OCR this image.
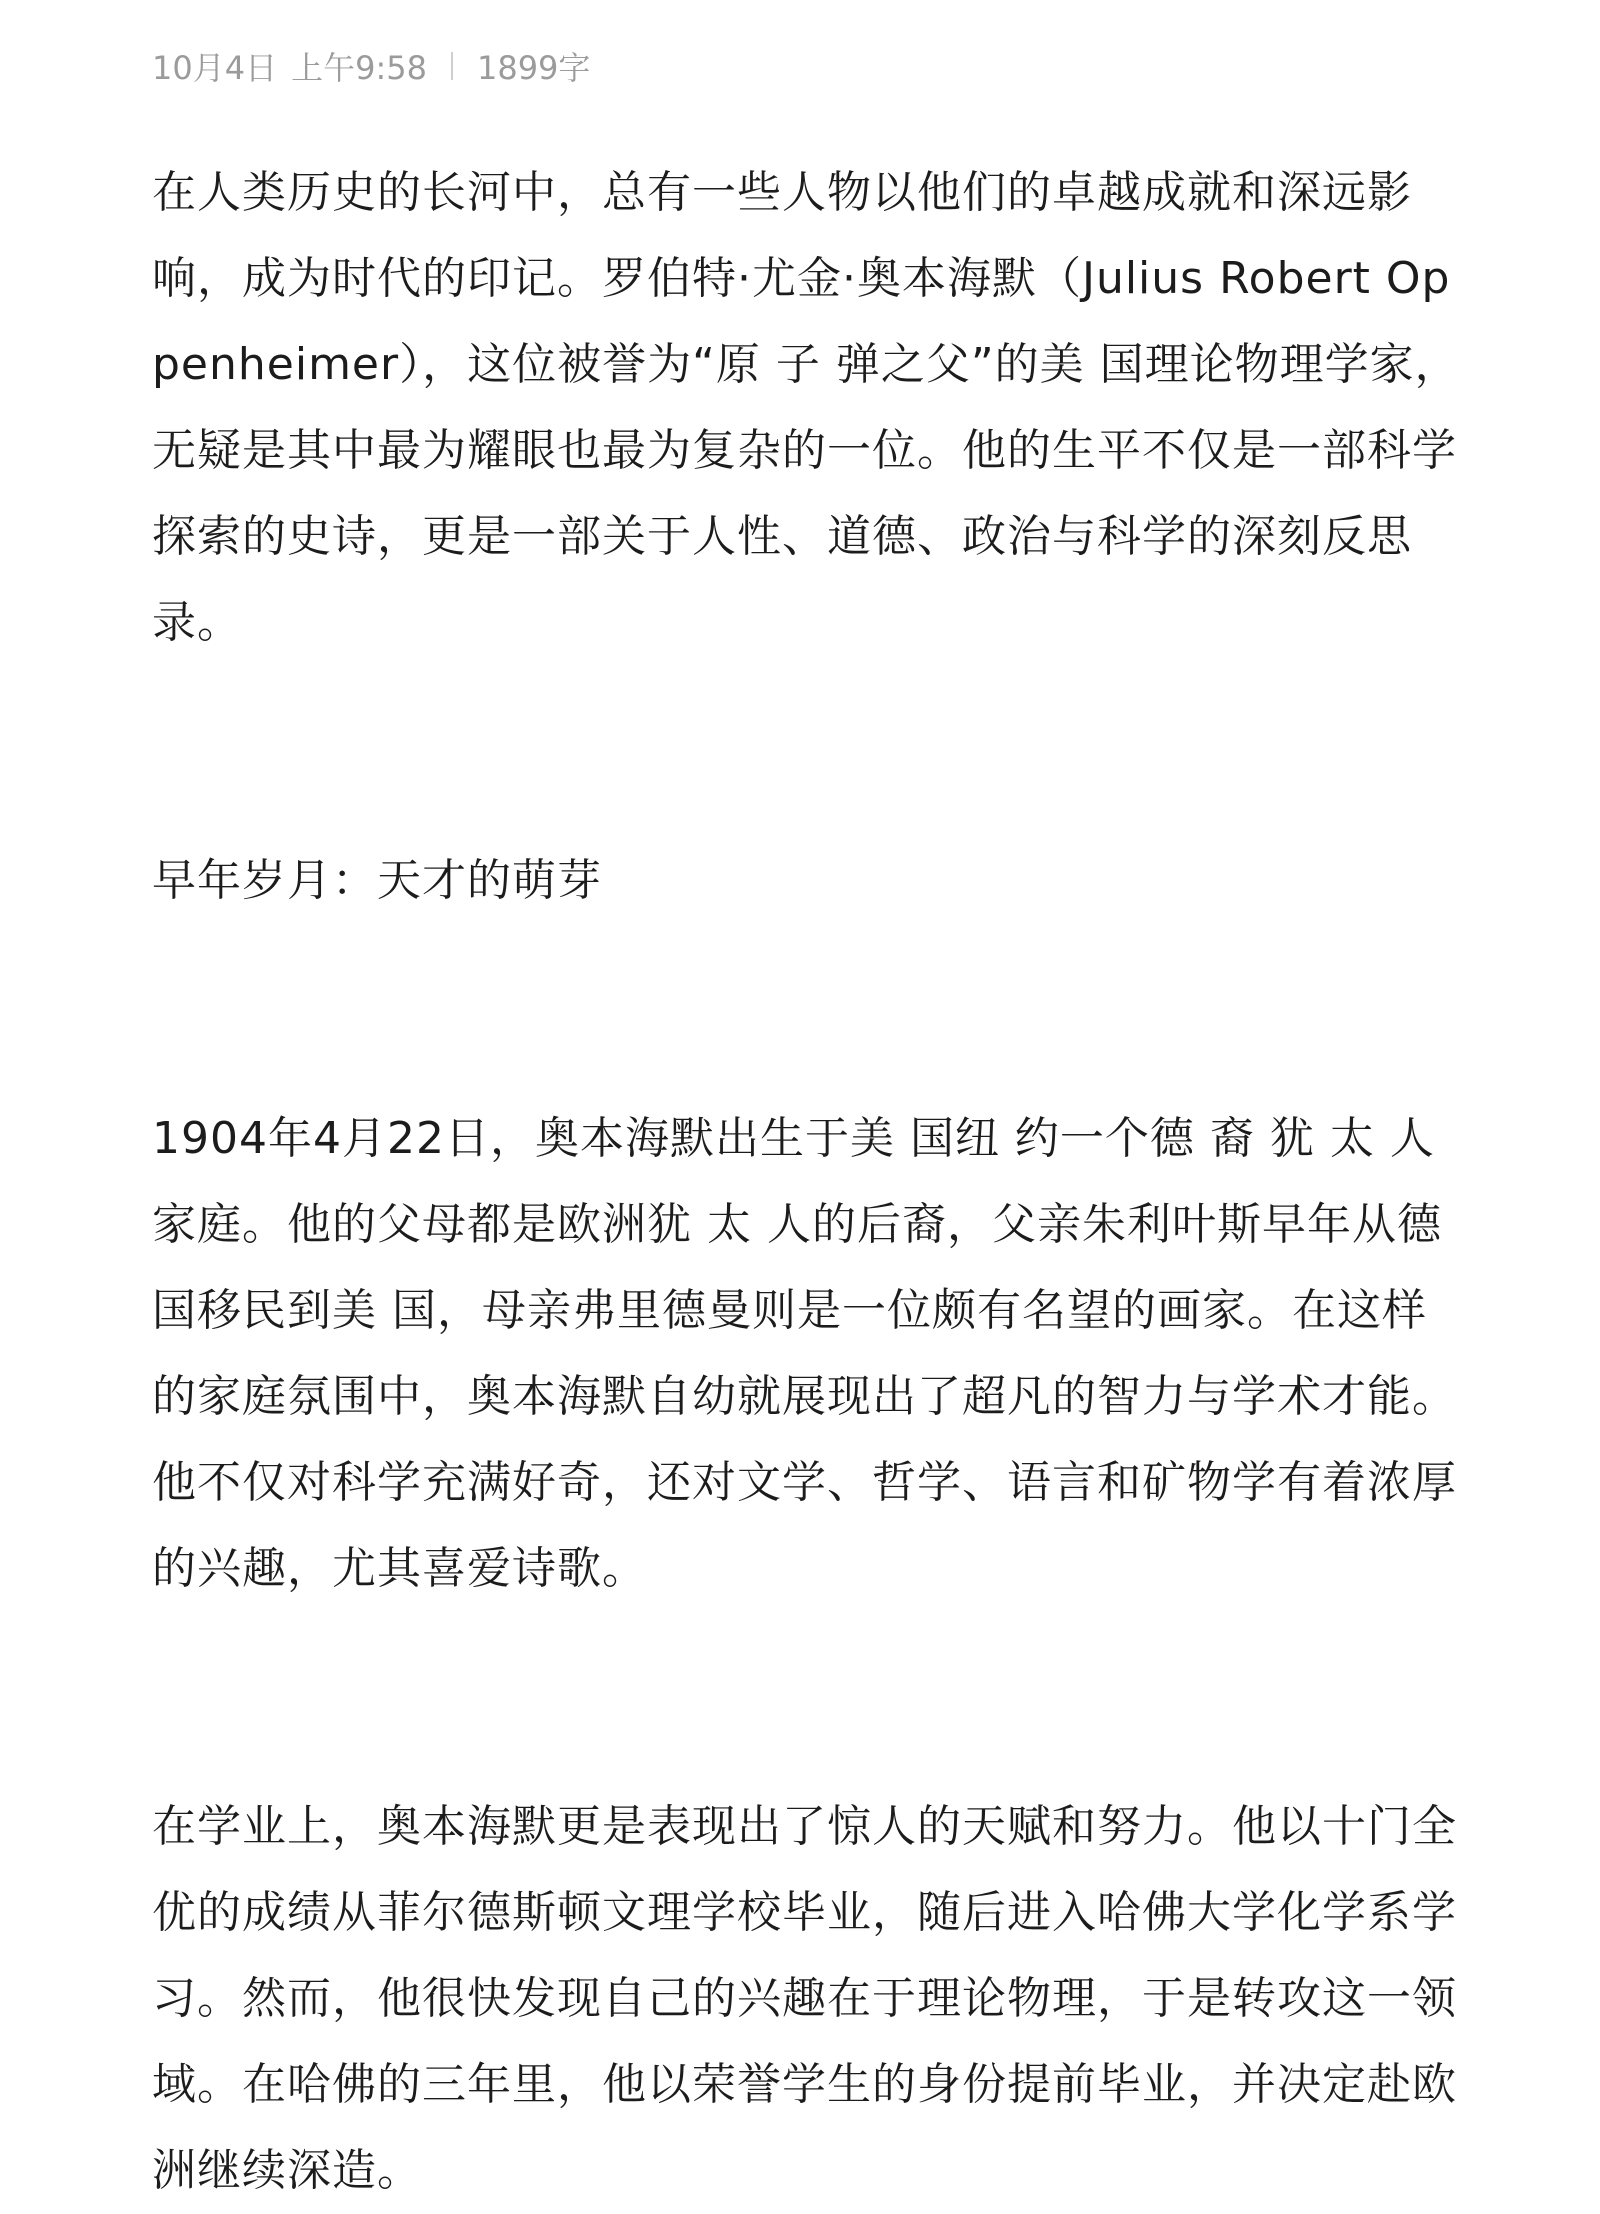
10月4日 上午9:58 1899字

在人类历史的长河中，总有一些人物以他们的卓越成就和深远影响，成为时代的印记。罗伯特·尤金·奥本海默（Julius Robert Oppenheimer），这位被誉为“原 子 弹之父”的美 国理论物理学家，无疑是其中最为耀眼也最为复杂的一位。他的生平不仅是一部科学探索的史诗，更是一部关于人性、道德、政治与科学的深刻反思录。

早年岁月：天才的萌芽

1904年4月22日，奥本海默出生于美 国纽 约一个德 裔 犹 太 人家庭。他的父母都是欧洲犹 太 人的后裔，父亲朱利叶斯早年从德 国移民到美 国，母亲弗里德曼则是一位颇有名望的画家。在这样的家庭氛围中，奥本海默自幼就展现出了超凡的智力与学术才能。他不仅对科学充满好奇，还对文学、哲学、语言和矿物学有着浓厚的兴趣，尤其喜爱诗歌。

在学业上，奥本海默更是表现出了惊人的天赋和努力。他以十门全优的成绩从菲尔德斯顿文理学校毕业，随后进入哈佛大学化学系学习。然而，他很快发现自己的兴趣在于理论物理，于是转攻这一领域。在哈佛的三年里，他以荣誉学生的身份提前毕业，并决定赴欧洲继续深造。
